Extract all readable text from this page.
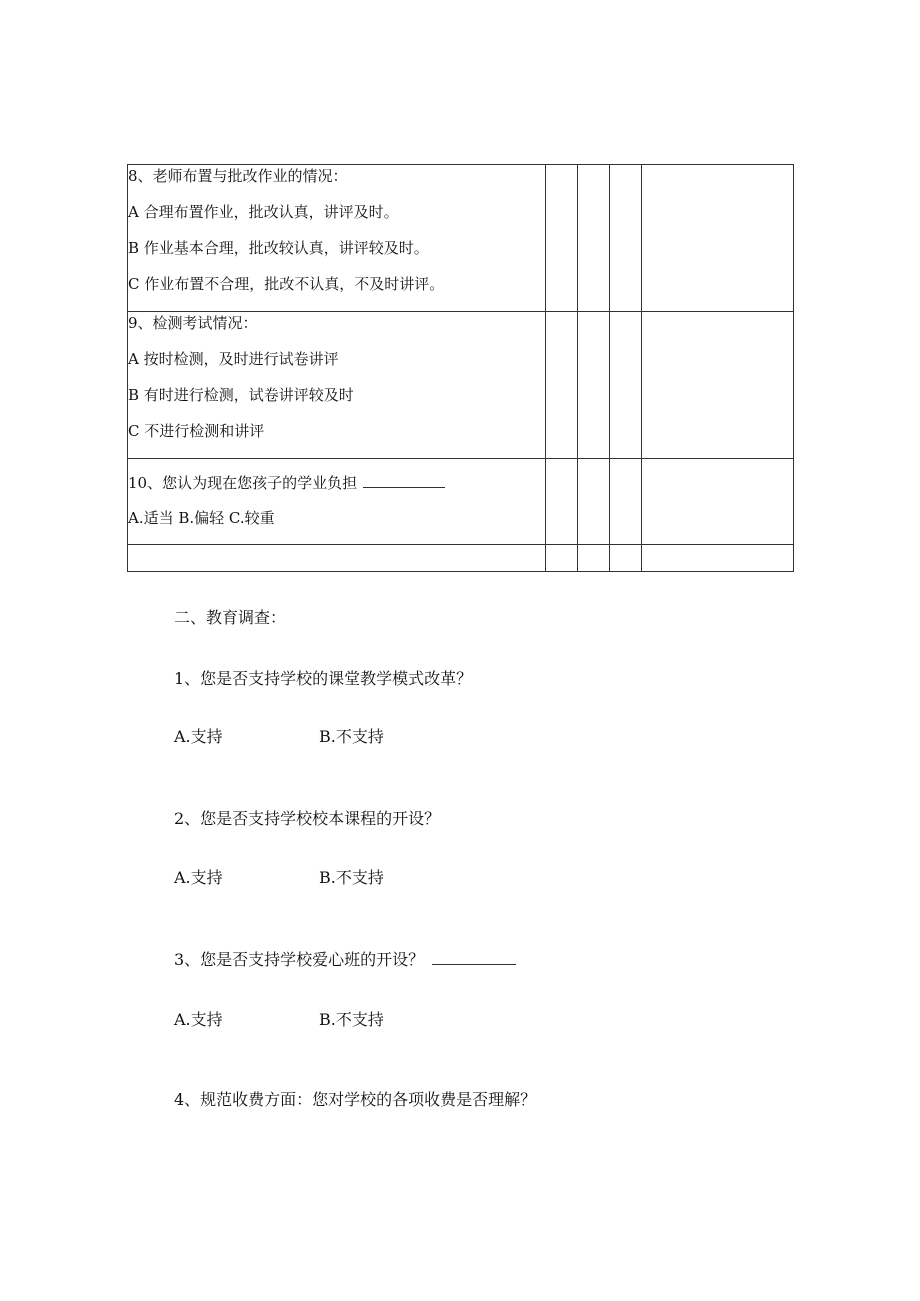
8、老师布置与批改作业的情况：
A 合理布置作业，批改认真，讲评及时。
B 作业基本合理，批改较认真，讲评较及时。
C 作业布置不合理，批改不认真，不及时讲评。				

9、检测考试情况：
A 按时检测，及时进行试卷讲评
B 有时进行检测，试卷讲评较及时
C 不进行检测和讲评				

10、您认为现在您孩子的学业负担
A.适当 B.偏轻 C.较重				

二、教育调查：
1、您是否支持学校的课堂教学模式改革？
A.支持	B.不支持
2、您是否支持学校校本课程的开设？
A.支持	B.不支持
3、您是否支持学校爱心班的开设？
A.支持	B.不支持
4、规范收费方面：您对学校的各项收费是否理解？
